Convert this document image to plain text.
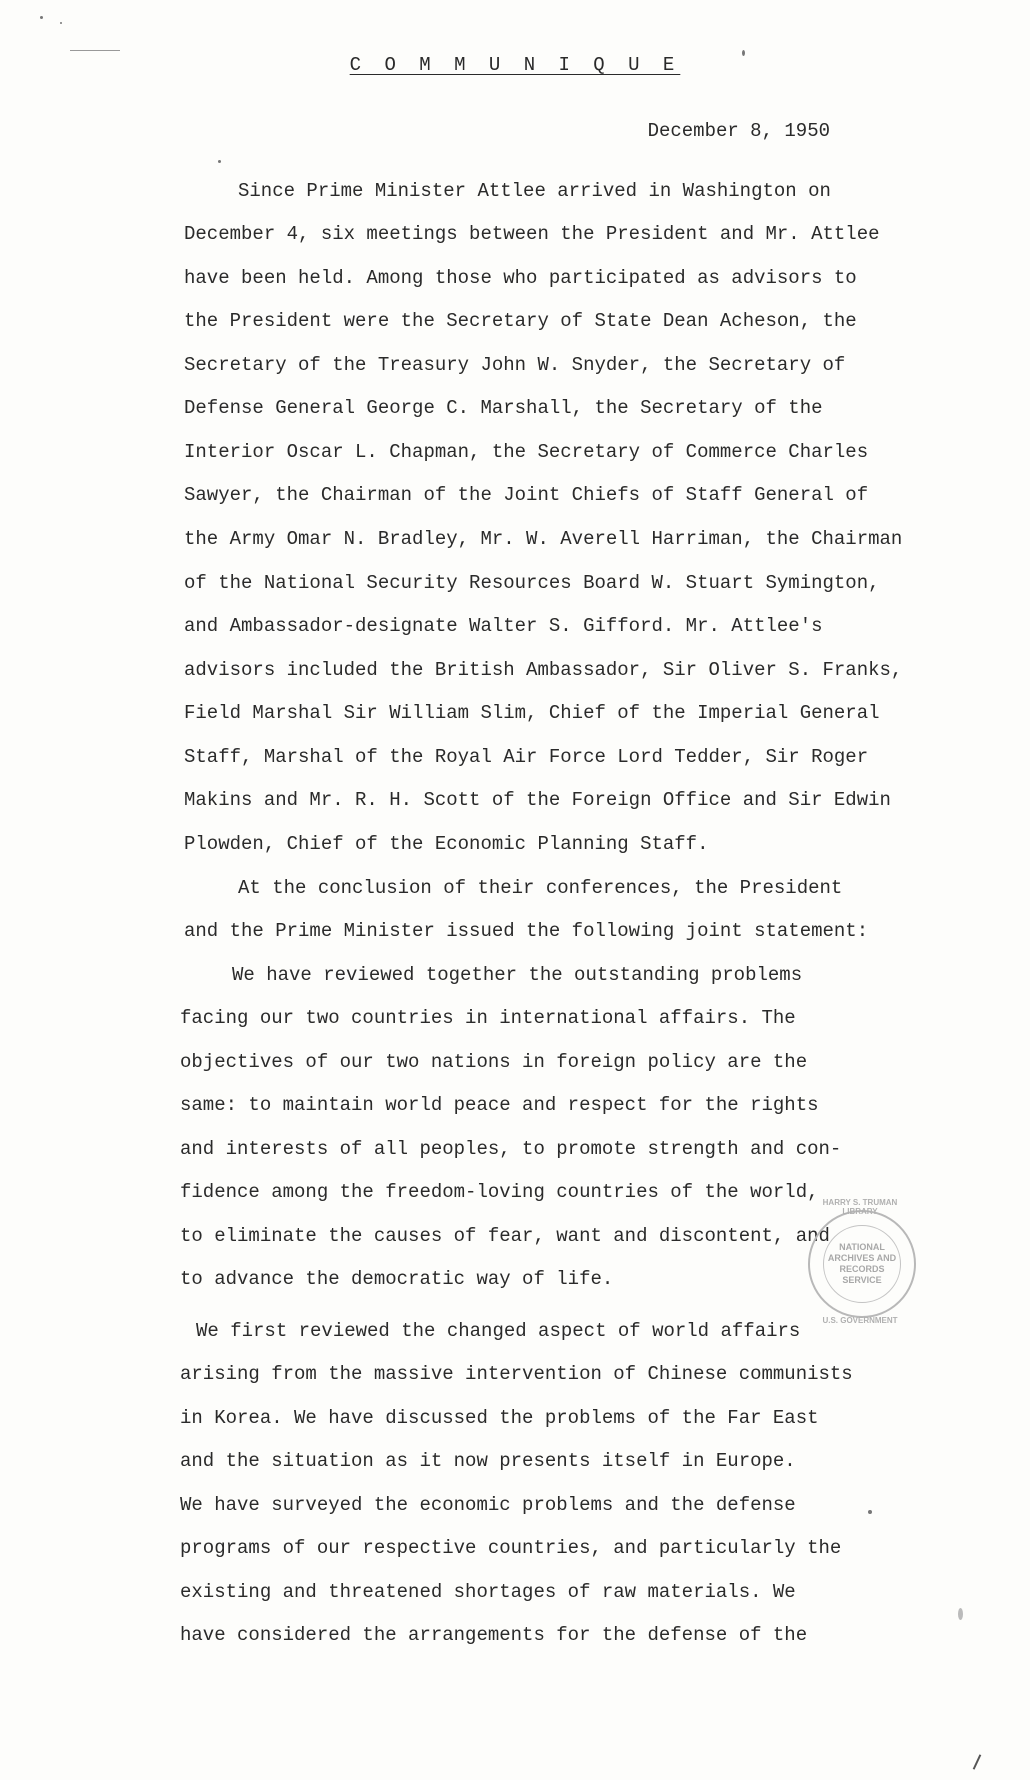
C O M M U N I Q U E
December 8, 1950
Since Prime Minister Attlee arrived in Washington on
December 4, six meetings between the President and Mr. Attlee
have been held. Among those who participated as advisors to
the President were the Secretary of State Dean Acheson, the
Secretary of the Treasury John W. Snyder, the Secretary of
Defense General George C. Marshall, the Secretary of the
Interior Oscar L. Chapman, the Secretary of Commerce Charles
Sawyer, the Chairman of the Joint Chiefs of Staff General of
the Army Omar N. Bradley, Mr. W. Averell Harriman, the Chairman
of the National Security Resources Board W. Stuart Symington,
and Ambassador-designate Walter S. Gifford. Mr. Attlee's
advisors included the British Ambassador, Sir Oliver S. Franks,
Field Marshal Sir William Slim, Chief of the Imperial General
Staff, Marshal of the Royal Air Force Lord Tedder, Sir Roger
Makins and Mr. R. H. Scott of the Foreign Office and Sir Edwin
Plowden, Chief of the Economic Planning Staff.
At the conclusion of their conferences, the President
and the Prime Minister issued the following joint statement:
We have reviewed together the outstanding problems
facing our two countries in international affairs. The
objectives of our two nations in foreign policy are the
same: to maintain world peace and respect for the rights
and interests of all peoples, to promote strength and con-
fidence among the freedom-loving countries of the world,
to eliminate the causes of fear, want and discontent, and
to advance the democratic way of life.
We first reviewed the changed aspect of world affairs
arising from the massive intervention of Chinese communists
in Korea. We have discussed the problems of the Far East
and the situation as it now presents itself in Europe.
We have surveyed the economic problems and the defense
programs of our respective countries, and particularly the
existing and threatened shortages of raw materials. We
have considered the arrangements for the defense of the
NATIONAL
ARCHIVES AND
RECORDS
SERVICE
HARRY S. TRUMAN LIBRARY
U.S. GOVERNMENT
